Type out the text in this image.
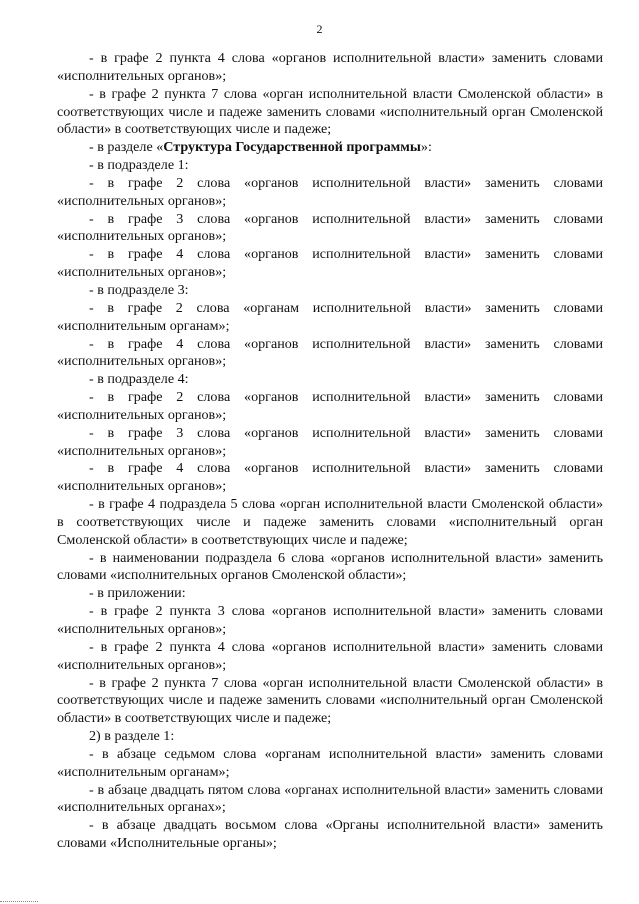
2

- в графе 2 пункта 4 слова «органов исполнительной власти» заменить словами «исполнительных органов»;

- в графе 2 пункта 7 слова «орган исполнительной власти Смоленской области» в соответствующих числе и падеже заменить словами «исполнительный орган Смоленской области» в соответствующих числе и падеже;

- в разделе «Структура Государственной программы»:

- в подразделе 1:

- в графе 2 слова «органов исполнительной власти» заменить словами «исполнительных органов»;

- в графе 3 слова «органов исполнительной власти» заменить словами «исполнительных органов»;

- в графе 4 слова «органов исполнительной власти» заменить словами «исполнительных органов»;

- в подразделе 3:

- в графе 2 слова «органам исполнительной власти» заменить словами «исполнительным органам»;

- в графе 4 слова «органов исполнительной власти» заменить словами «исполнительных органов»;

- в подразделе 4:

- в графе 2 слова «органов исполнительной власти» заменить словами «исполнительных органов»;

- в графе 3 слова «органов исполнительной власти» заменить словами «исполнительных органов»;

- в графе 4 слова «органов исполнительной власти» заменить словами «исполнительных органов»;

- в графе 4 подраздела 5 слова «орган исполнительной власти Смоленской области» в соответствующих числе и падеже заменить словами «исполнительный орган Смоленской области» в соответствующих числе и падеже;

- в наименовании подраздела 6 слова «органов исполнительной власти» заменить словами «исполнительных органов Смоленской области»;

- в приложении:

- в графе 2 пункта 3 слова «органов исполнительной власти» заменить словами «исполнительных органов»;

- в графе 2 пункта 4 слова «органов исполнительной власти» заменить словами «исполнительных органов»;

- в графе 2 пункта 7 слова «орган исполнительной власти Смоленской области» в соответствующих числе и падеже заменить словами «исполнительный орган Смоленской области» в соответствующих числе и падеже;

2) в разделе 1:

- в абзаце седьмом слова «органам исполнительной власти» заменить словами «исполнительным органам»;

- в абзаце двадцать пятом слова «органах исполнительной власти» заменить словами «исполнительных органах»;

- в абзаце двадцать восьмом слова «Органы исполнительной власти» заменить словами «Исполнительные органы»;
